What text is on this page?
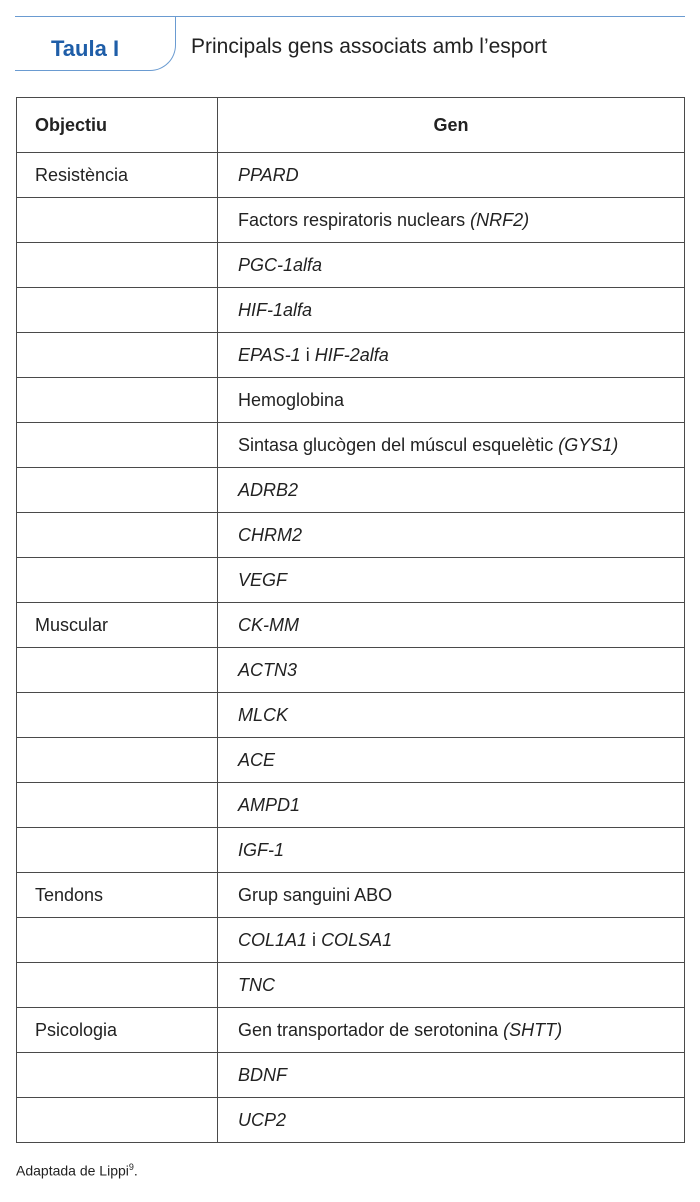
Taula I	Principals gens associats amb l’esport
Objectiu	Gen
Resistència	PPARD
	Factors respiratoris nuclears (NRF2)
	PGC-1alfa
	HIF-1alfa
	EPAS-1 i HIF-2alfa
	Hemoglobina
	Sintasa glucògen del múscul esquelètic (GYS1)
	ADRB2
	CHRM2
	VEGF
Muscular	CK-MM
	ACTN3
	MLCK
	ACE
	AMPD1
	IGF-1
Tendons	Grup sanguini ABO
	COL1A1 i COLSA1
	TNC
Psicologia	Gen transportador de serotonina (SHTT)
	BDNF
	UCP2
Adaptada de Lippi$^9$.
